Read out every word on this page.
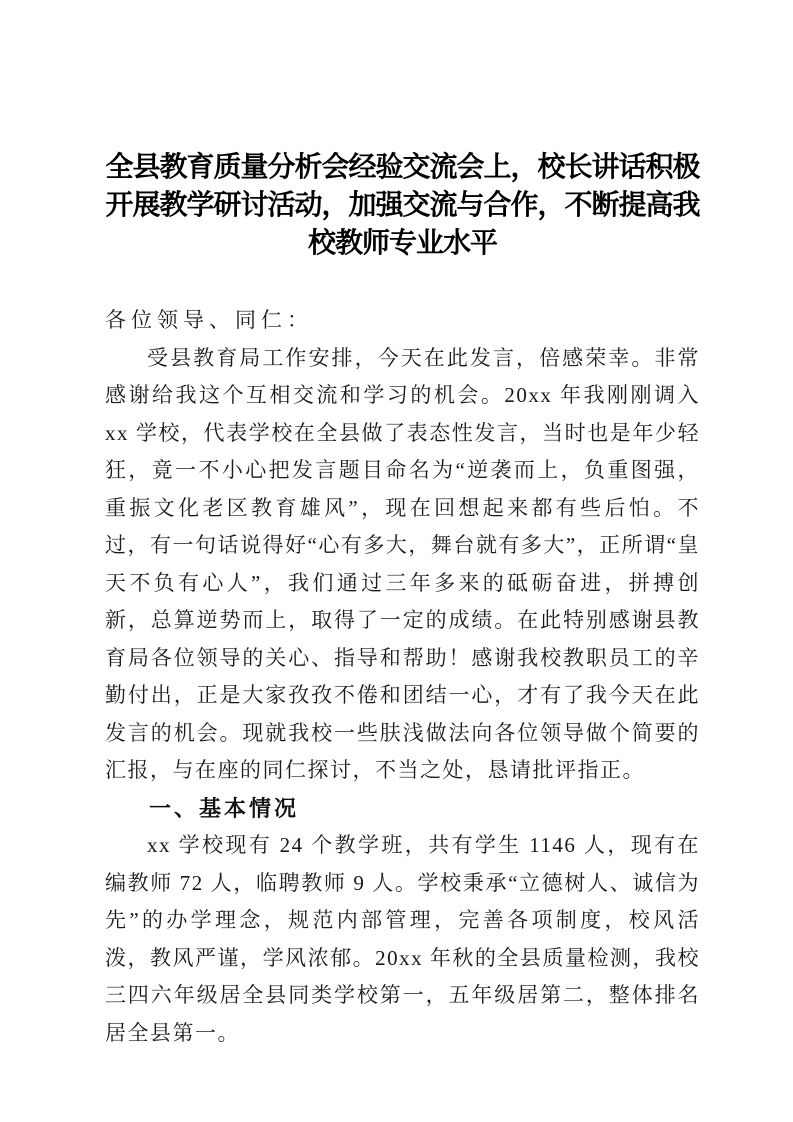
全县教育质量分析会经验交流会上，校长讲话积极开展教学研讨活动，加强交流与合作，不断提高我校教师专业水平

各位领导、同仁：

受县教育局工作安排，今天在此发言，倍感荣幸。非常感谢给我这个互相交流和学习的机会。20xx 年我刚刚调入 xx 学校，代表学校在全县做了表态性发言，当时也是年少轻狂，竟一不小心把发言题目命名为“逆袭而上，负重图强，重振文化老区教育雄风”，现在回想起来都有些后怕。不过，有一句话说得好“心有多大，舞台就有多大”，正所谓“皇天不负有心人”，我们通过三年多来的砥砺奋进，拼搏创新，总算逆势而上，取得了一定的成绩。在此特别感谢县教育局各位领导的关心、指导和帮助！感谢我校教职员工的辛勤付出，正是大家孜孜不倦和团结一心，才有了我今天在此发言的机会。现就我校一些肤浅做法向各位领导做个简要的汇报，与在座的同仁探讨，不当之处，恳请批评指正。

一、基本情况

xx 学校现有 24 个教学班，共有学生 1146 人，现有在编教师 72 人，临聘教师 9 人。学校秉承“立德树人、诚信为先”的办学理念，规范内部管理，完善各项制度，校风活泼，教风严谨，学风浓郁。20xx 年秋的全县质量检测，我校三四六年级居全县同类学校第一，五年级居第二，整体排名居全县第一。
